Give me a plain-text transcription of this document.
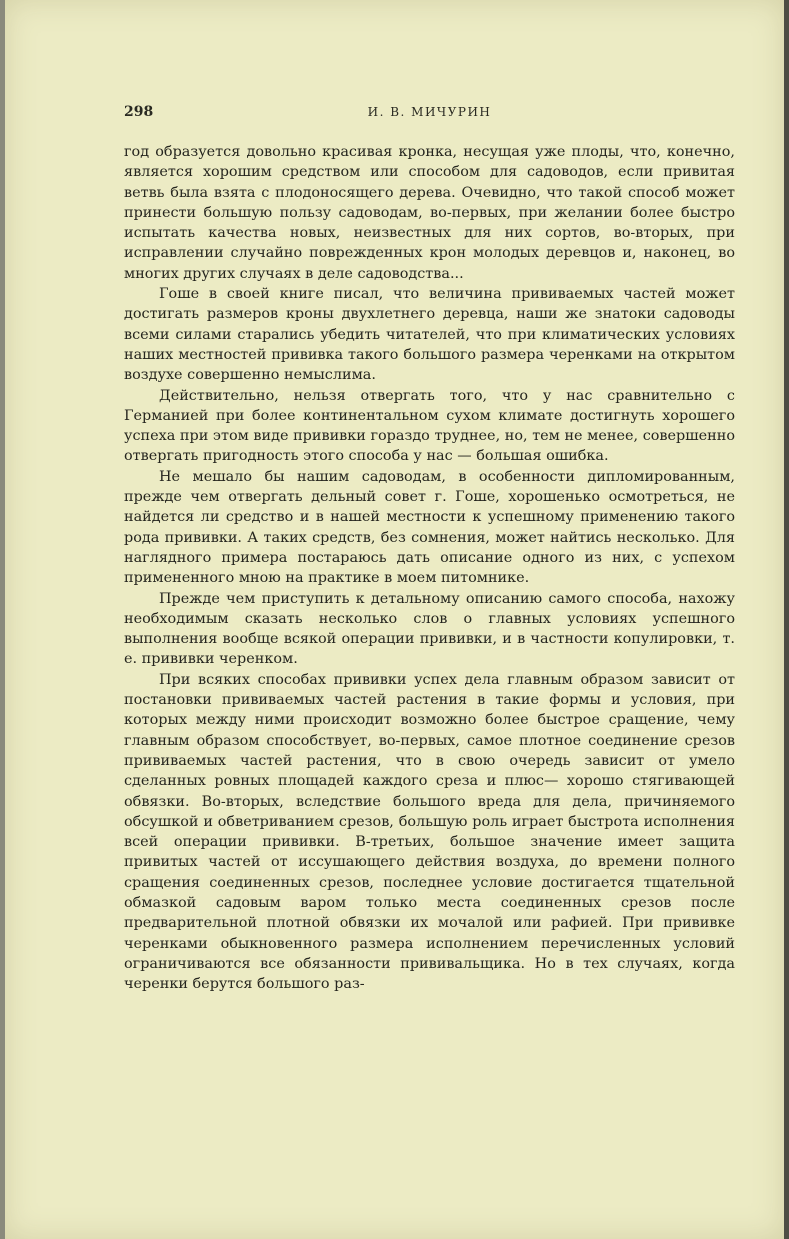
298	И. В. МИЧУРИН

год образуется довольно красивая кронка, несущая уже плоды, что, конечно, является хорошим средством или способом для садоводов, если привитая ветвь была взята с плодоносящего дерева. Очевидно, что такой способ может принести большую пользу садоводам, во-первых, при желании более быстро испытать качества новых, неизвестных для них сортов, во-вторых, при исправлении случайно поврежденных крон молодых деревцов и, наконец, во многих других случаях в деле садоводства...

Гоше в своей книге писал, что величина прививаемых частей может достигать размеров кроны двухлетнего деревца, наши же знатоки садоводы всеми силами старались убедить читателей, что при климатических условиях наших местностей прививка такого большого размера черенками на открытом воздухе совершенно немыслима.

Действительно, нельзя отвергать того, что у нас сравнительно с Германией при более континентальном сухом климате достигнуть хорошего успеха при этом виде прививки гораздо труднее, но, тем не менее, совершенно отвергать пригодность этого способа у нас — большая ошибка.

Не мешало бы нашим садоводам, в особенности дипломированным, прежде чем отвергать дельный совет г. Гоше, хорошенько осмотреться, не найдется ли средство и в нашей местности к успешному применению такого рода прививки. А таких средств, без сомнения, может найтись несколько. Для наглядного примера постараюсь дать описание одного из них, с успехом примененного мною на практике в моем питомнике.

Прежде чем приступить к детальному описанию самого способа, нахожу необходимым сказать несколько слов о главных условиях успешного выполнения вообще всякой операции прививки, и в частности копулировки, т. е. прививки черенком.

При всяких способах прививки успех дела главным образом зависит от постановки прививаемых частей растения в такие формы и условия, при которых между ними происходит возможно более быстрое сращение, чему главным образом способствует, во-первых, самое плотное соединение срезов прививаемых частей растения, что в свою очередь зависит от умело сделанных ровных площадей каждого среза и плюс— хорошо стягивающей обвязки. Во-вторых, вследствие большого вреда для дела, причиняемого обсушкой и обветриванием срезов, большую роль играет быстрота исполнения всей операции прививки. В-третьих, большое значение имеет защита привитых частей от иссушающего действия воздуха, до времени полного сращения соединенных срезов, последнее условие достигается тщательной обмазкой садовым варом только места соединенных срезов после предварительной плотной обвязки их мочалой или рафией. При прививке черенками обыкновенного размера исполнением перечисленных условий ограничиваются все обязанности прививальщика. Но в тех случаях, когда черенки берутся большого раз-
